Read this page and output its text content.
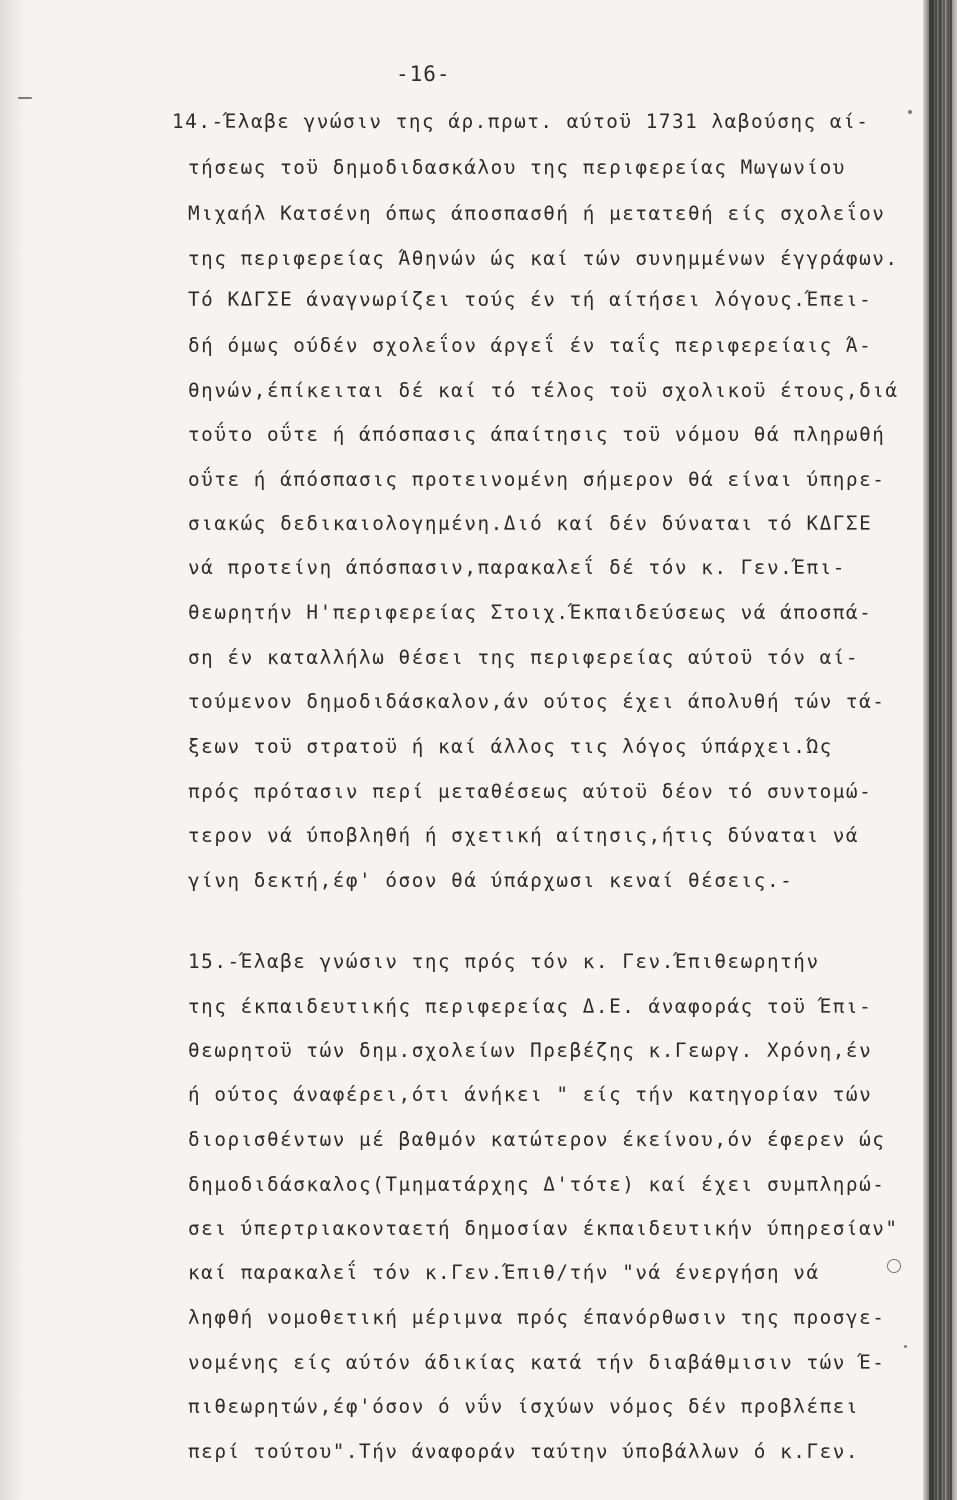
-16-
14.-Έλαβε γνώσιν της άρ.πρωτ. αύτοϋ 1731 λαβούσης αί-
τήσεως τοϋ δημοδιδασκάλου της περιφερείας Μωγωνίου
Μιχαήλ Κατσένη όπως άποσπασθή ή μετατεθή είς σχολεΐον
της περιφερείας Άθηνών ώς καί τών συνημμένων έγγράφων.
Τό ΚΔΓΣΕ άναγνωρίζει τούς έν τή αίτήσει λόγους.Έπει-
δή όμως ούδέν σχολεΐον άργεΐ έν ταΐς περιφερείαις Ά-
θηνών,έπίκειται δέ καί τό τέλος τοϋ σχολικοϋ έτους,διά
τοΰτο οΰτε ή άπόσπασις άπαίτησις τοϋ νόμου θά πληρωθή
οΰτε ή άπόσπασις προτεινομένη σήμερον θά είναι ύπηρε-
σιακώς δεδικαιολογημένη.Διό καί δέν δύναται τό ΚΔΓΣΕ
νά προτείνη άπόσπασιν,παρακαλεΐ δέ τόν κ. Γεν.Έπι-
θεωρητήν Η'περιφερείας Στοιχ.Έκπαιδεύσεως νά άποσπά-
ση έν καταλλήλω θέσει της περιφερείας αύτοϋ τόν αί-
τούμενον δημοδιδάσκαλον,άν ούτος έχει άπολυθή τών τά-
ξεων τοϋ στρατοϋ ή καί άλλος τις λόγος ύπάρχει.Ώς
πρός πρότασιν περί μεταθέσεως αύτοϋ δέον τό συντομώ-
τερον νά ύποβληθή ή σχετική αίτησις,ήτις δύναται νά
γίνη δεκτή,έφ' όσον θά ύπάρχωσι κεναί θέσεις.-
15.-Έλαβε γνώσιν της πρός τόν κ. Γεν.Έπιθεωρητήν
της έκπαιδευτικής περιφερείας Δ.Ε. άναφοράς τοϋ Έπι-
θεωρητοϋ τών δημ.σχολείων Πρεβέζης κ.Γεωργ. Χρόνη,έν
ή ούτος άναφέρει,ότι άνήκει " είς τήν κατηγορίαν τών
διορισθέντων μέ βαθμόν κατώτερον έκείνου,όν έφερεν ώς
δημοδιδάσκαλος(Τμηματάρχης Δ'τότε) καί έχει συμπληρώ-
σει ύπερτριακονταετή δημοσίαν έκπαιδευτικήν ύπηρεσίαν"
καί παρακαλεΐ τόν κ.Γεν.Έπιθ/τήν "νά ένεργήση νά
ληφθή νομοθετική μέριμνα πρός έπανόρθωσιν της προσγε-
νομένης είς αύτόν άδικίας κατά τήν διαβάθμισιν τών Έ-
πιθεωρητών,έφ'όσον ό νΰν ίσχύων νόμος δέν προβλέπει
περί τούτου".Τήν άναφοράν ταύτην ύποβάλλων ό κ.Γεν.
